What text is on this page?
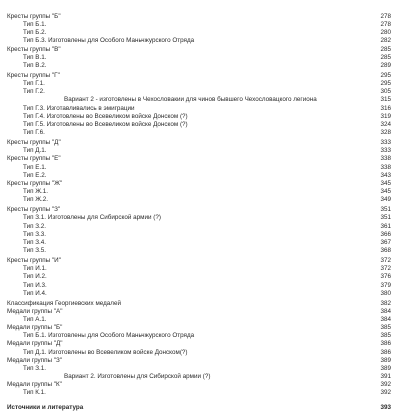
Кресты группы "Б"	278
Тип Б.1.	278
Тип Б.2.	280
Тип Б.3. Изготовлены для Особого Маньчжурского Отряда	282
Кресты группы "В"	285
Тип В.1.	285
Тип В.2.	289
Кресты группы "Г"	295
Тип Г.1.	295
Тип Г.2.	305
Вариант 2 - изготовлены в Чехословакии для чинов бывшего Чехословацкого легиона	315
Тип Г.3. Изготавливались в эмиграции	316
Тип Г.4. Изготовлены во Всевеликом войске Донском (?)	319
Тип Г.5. Изготовлены во Всевеликом войске Донском (?)	324
Тип Г.6.	328
Кресты группы "Д"	333
Тип Д.1.	333
Кресты группы "Е"	338
Тип Е.1.	338
Тип Е.2.	343
Кресты группы "Ж"	345
Тип Ж.1.	345
Тип Ж.2.	349
Кресты группы "З"	351
Тип З.1. Изготовлены для Сибирской армии (?)	351
Тип З.2.	361
Тип З.3.	366
Тип З.4.	367
Тип З.5.	368
Кресты группы "И"	372
Тип И.1.	372
Тип И.2.	376
Тип И.3.	379
Тип И.4.	380
Классификация Георгиевских медалей	382
Медали группы "А"	384
Тип А.1.	384
Медали группы "Б"	385
Тип Б.1. Изготовлены для Особого Маньчжурского Отряда	385
Медали группы "Д"	386
Тип Д.1. Изготовлены во Всевеликом войске Донском(?)	386
Медали группы "З"	389
Тип З.1.	389
Вариант 2. Изготовлены для Сибирской армии (?)	391
Медали группы "К"	392
Тип К.1.	392
Источники и литература	393
